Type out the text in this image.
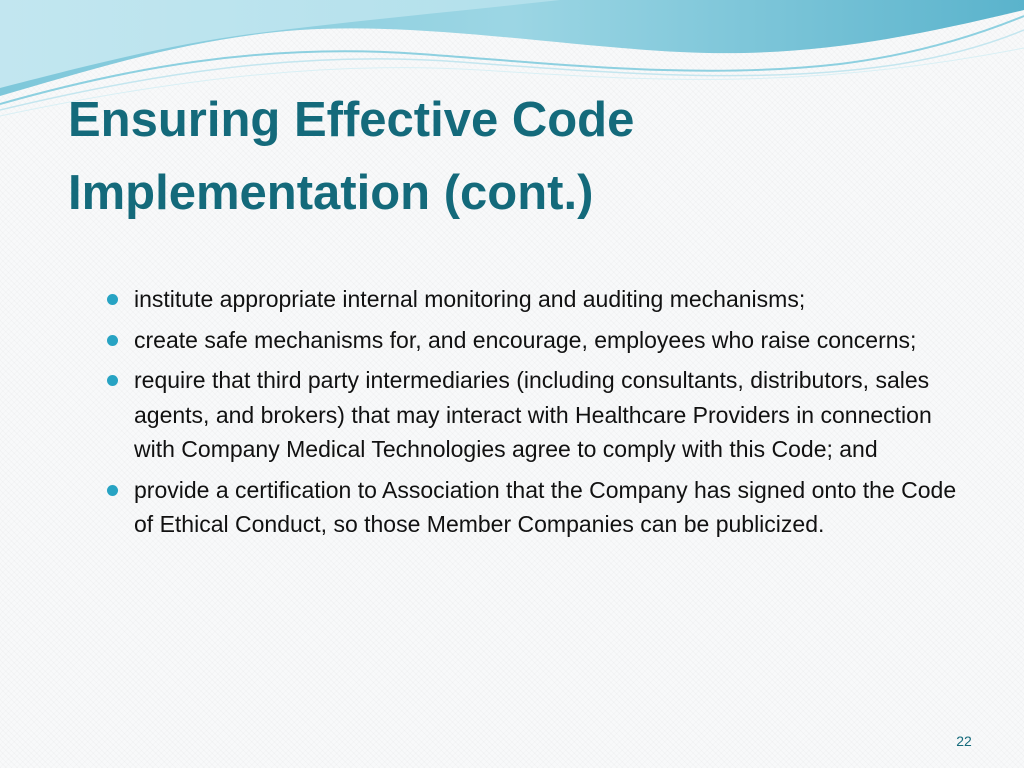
Ensuring Effective Code
Implementation (cont.)
institute appropriate internal monitoring and auditing mechanisms;
create safe mechanisms for, and encourage, employees who raise concerns;
require that third party intermediaries (including consultants, distributors, sales agents, and brokers) that may interact with Healthcare Providers in connection with Company Medical Technologies agree to comply with this Code; and
provide a certification to Association that the Company has signed onto the Code of Ethical Conduct, so those Member Companies can be publicized.
22
